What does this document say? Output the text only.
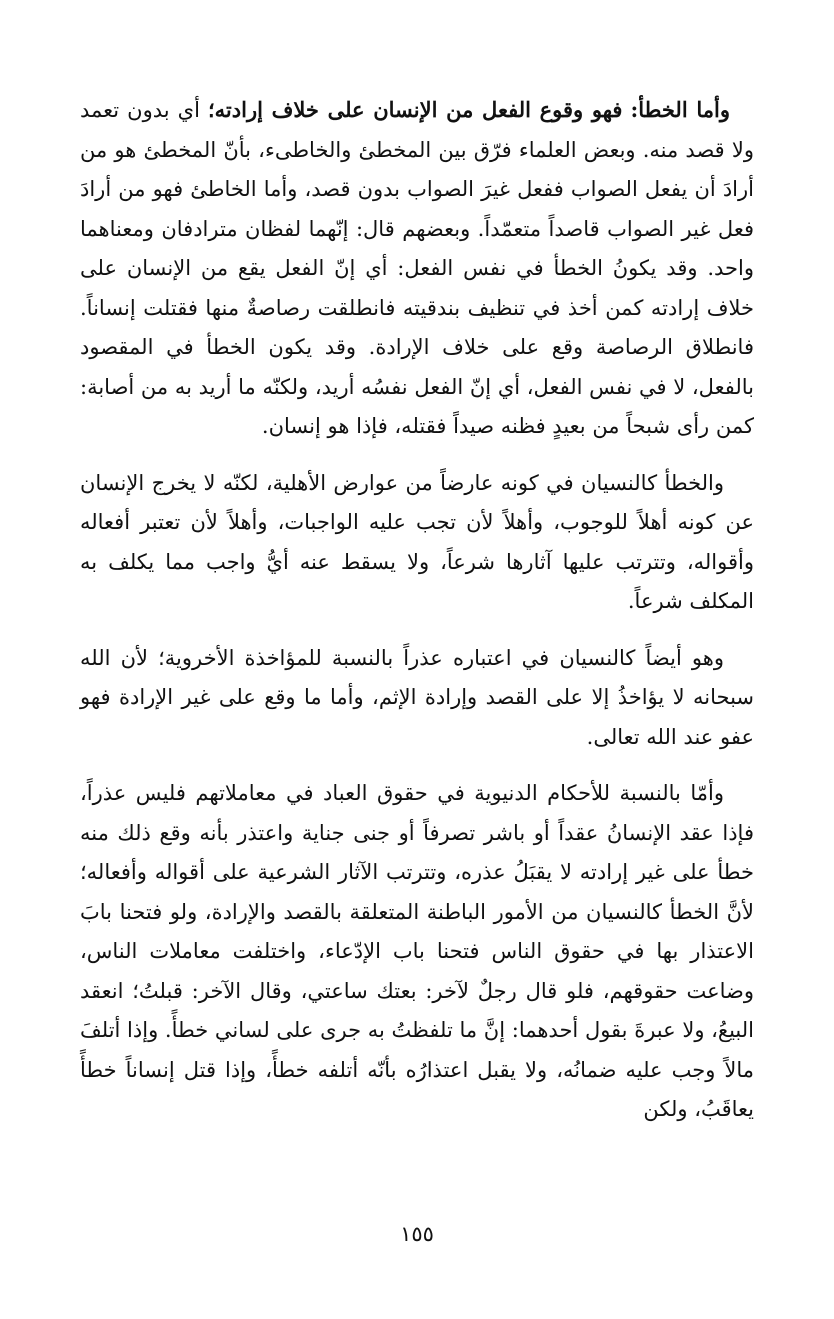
وأما الخطأ: فهو وقوع الفعل من الإنسان على خلاف إرادته؛ أي بدون تعمد ولا قصد منه. وبعض العلماء فرّق بين المخطئ والخاطىء، بأنّ المخطئ هو من أرادَ أن يفعل الصواب ففعل غيرَ الصواب بدون قصد، وأما الخاطئ فهو من أرادَ فعل غير الصواب قاصداً متعمّداً. وبعضهم قال: إنّهما لفظان مترادفان ومعناهما واحد. وقد يكونُ الخطأ في نفس الفعل: أي إنّ الفعل يقع من الإنسان على خلاف إرادته كمن أخذ في تنظيف بندقيته فانطلقت رصاصةٌ منها فقتلت إنساناً. فانطلاق الرصاصة وقع على خلاف الإرادة. وقد يكون الخطأ في المقصود بالفعل، لا في نفس الفعل، أي إنّ الفعل نفسُه أريد، ولكنّه ما أريد به من أصابة: كمن رأى شبحاً من بعيدٍ فظنه صيداً فقتله، فإذا هو إنسان.

والخطأ كالنسيان في كونه عارضاً من عوارض الأهلية، لكنّه لا يخرج الإنسان عن كونه أهلاً للوجوب، وأهلاً لأن تجب عليه الواجبات، وأهلاً لأن تعتبر أفعاله وأقواله، وتترتب عليها آثارها شرعاً، ولا يسقط عنه أيُّ واجب مما يكلف به المكلف شرعاً.

وهو أيضاً كالنسيان في اعتباره عذراً بالنسبة للمؤاخذة الأخروية؛ لأن الله سبحانه لا يؤاخذُ إلا على القصد وإرادة الإثم، وأما ما وقع على غير الإرادة فهو عفو عند الله تعالى.

وأمّا بالنسبة للأحكام الدنيوية في حقوق العباد في معاملاتهم فليس عذراً، فإذا عقد الإنسانُ عقداً أو باشر تصرفاً أو جنى جناية واعتذر بأنه وقع ذلك منه خطأ على غير إرادته لا يقبَلُ عذره، وتترتب الآثار الشرعية على أقواله وأفعاله؛ لأنَّ الخطأ كالنسيان من الأمور الباطنة المتعلقة بالقصد والإرادة، ولو فتحنا بابَ الاعتذار بها في حقوق الناس فتحنا باب الإدّعاء، واختلفت معاملات الناس، وضاعت حقوقهم، فلو قال رجلٌ لآخر: بعتك ساعتي، وقال الآخر: قبلتُ؛ انعقد البيعُ، ولا عبرةَ بقول أحدهما: إنَّ ما تلفظتُ به جرى على لساني خطأً. وإذا أتلفَ مالاً وجب عليه ضمانُه، ولا يقبل اعتذارُه بأنّه أتلفه خطأً، وإذا قتل إنساناً خطأً يعاقَبُ، ولكن

١٥٥
